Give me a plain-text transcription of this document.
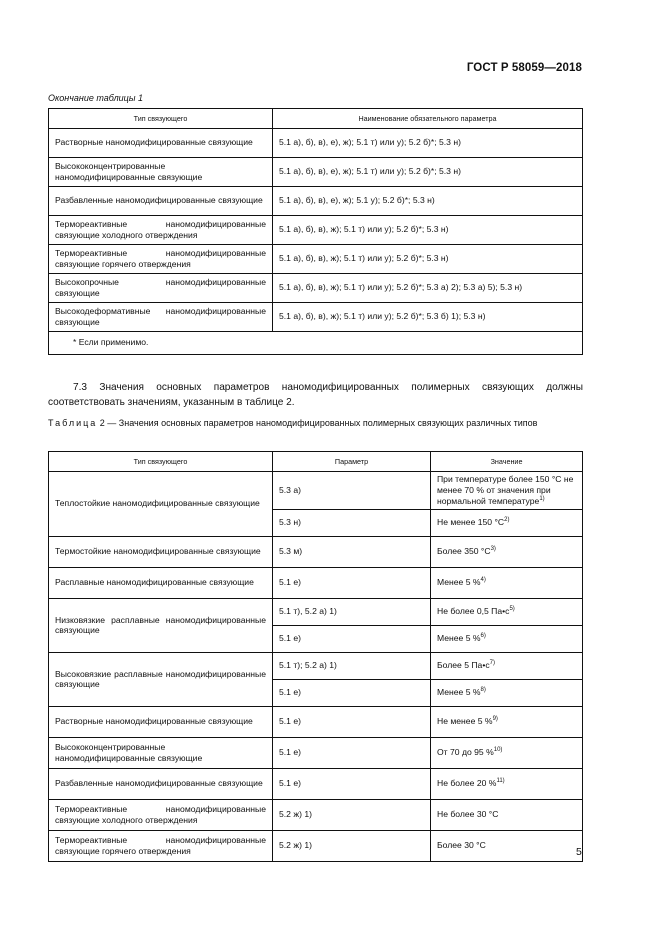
ГОСТ Р 58059—2018
Окончание таблицы 1
Тип связующего	Наименование обязательного параметра
Растворные наномодифицированные связующие	5.1 а), б), в), е), ж); 5.1 т) или у); 5.2 б)*; 5.3 н)
Высококонцентрированные наномодифицированные связующие	5.1 а), б), в), е), ж); 5.1 т) или у); 5.2 б)*; 5.3 н)
Разбавленные наномодифицированные связующие	5.1 а), б), в), е), ж); 5.1 у); 5.2 б)*; 5.3 н)
Термореактивные наномодифицированные связующие холодного отверждения	5.1 а), б), в), ж); 5.1 т) или у); 5.2 б)*; 5.3 н)
Термореактивные наномодифицированные связующие горячего отверждения	5.1 а), б), в), ж); 5.1 т) или у); 5.2 б)*; 5.3 н)
Высокопрочные наномодифицированные связующие	5.1 а), б), в), ж); 5.1 т) или у); 5.2 б)*; 5.3 а) 2); 5.3 а) 5); 5.3 н)
Высокодеформативные наномодифицированные связующие	5.1 а), б), в), ж); 5.1 т) или у); 5.2 б)*; 5.3 б) 1); 5.3 н)
* Если применимо.	
7.3 Значения основных параметров наномодифицированных полимерных связующих должны соответствовать значениям, указанным в таблице 2.
Таблица 2 — Значения основных параметров наномодифицированных полимерных связующих различных типов
Тип связующего	Параметр	Значение
Теплостойкие наномодифицированные связующие	5.3 а)	При температуре более 150 °C не менее 70 % от значения при нормальной температуре$^{1)}$
	5.3 н)	Не менее 150 $^\circ C^{2)}$
Термостойкие наномодифицированные связующие	5.3 м)	Более 350 $^\circ C^{3)}$
Расплавные наномодифицированные связующие	5.1 е)	Менее 5 %$^{4)}$
Низковязкие расплавные наномодифицированные связующие	5.1 т), 5.2 а) 1)	Не более 0,5 $Па•с^{5)}$
	5.1 е)	Менее 5 %$^{6)}$
Высоковязкие расплавные наномодифицированные связующие	5.1 т); 5.2 а) 1)	Более 5 $Па•с^{7)}$
	5.1 е)	Менее 5 %$^{8)}$
Растворные наномодифицированные связующие	5.1 е)	Не менее 5 %$^{9)}$
Высококонцентрированные наномодифицированные связующие	5.1 е)	От 70 до 95 %$^{10)}$
Разбавленные наномодифицированные связующие	5.1 е)	Не более 20 %$^{11)}$
Термореактивные наномодифицированные связующие холодного отверждения	5.2 ж) 1)	Не более 30 °C
Термореактивные наномодифицированные связующие горячего отверждения	5.2 ж) 1)	Более 30 °C
5
